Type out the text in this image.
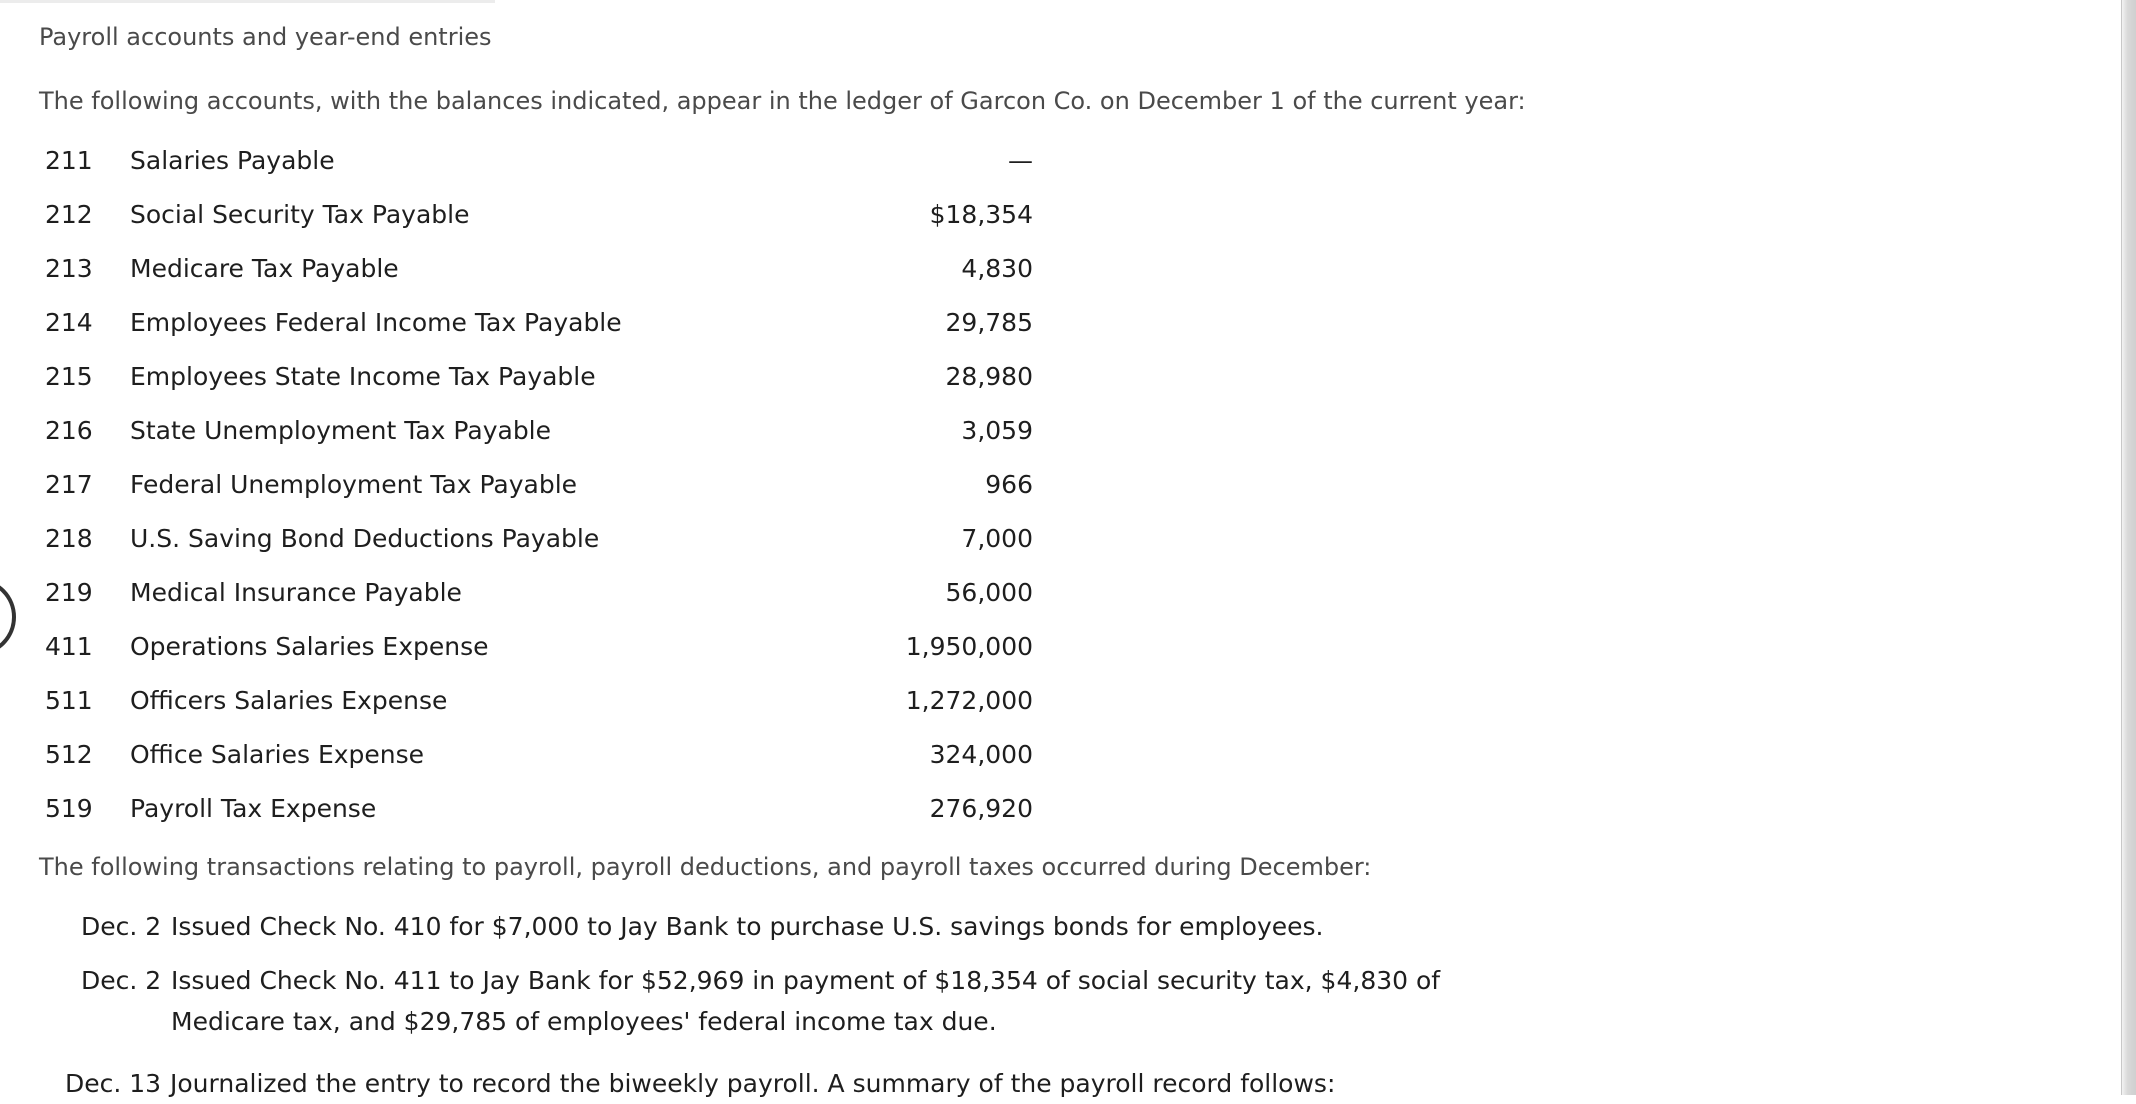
Payroll accounts and year-end entries
The following accounts, with the balances indicated, appear in the ledger of Garcon Co. on December 1 of the current year:
211 Salaries Payable	—
212 Social Security Tax Payable	$18,354
213 Medicare Tax Payable	4,830
214 Employees Federal Income Tax Payable	29,785
215 Employees State Income Tax Payable	28,980
216 State Unemployment Tax Payable	3,059
217 Federal Unemployment Tax Payable	966
218 U.S. Saving Bond Deductions Payable	7,000
219 Medical Insurance Payable	56,000
411 Operations Salaries Expense	1,950,000
511 Officers Salaries Expense	1,272,000
512 Office Salaries Expense	324,000
519 Payroll Tax Expense	276,920
The following transactions relating to payroll, payroll deductions, and payroll taxes occurred during December:
Dec. 2 Issued Check No. 410 for $7,000 to Jay Bank to purchase U.S. savings bonds for employees.
Dec. 2 Issued Check No. 411 to Jay Bank for $52,969 in payment of $18,354 of social security tax, $4,830 of
Medicare tax, and $29,785 of employees' federal income tax due.
Dec. 13 Journalized the entry to record the biweekly payroll. A summary of the payroll record follows:
